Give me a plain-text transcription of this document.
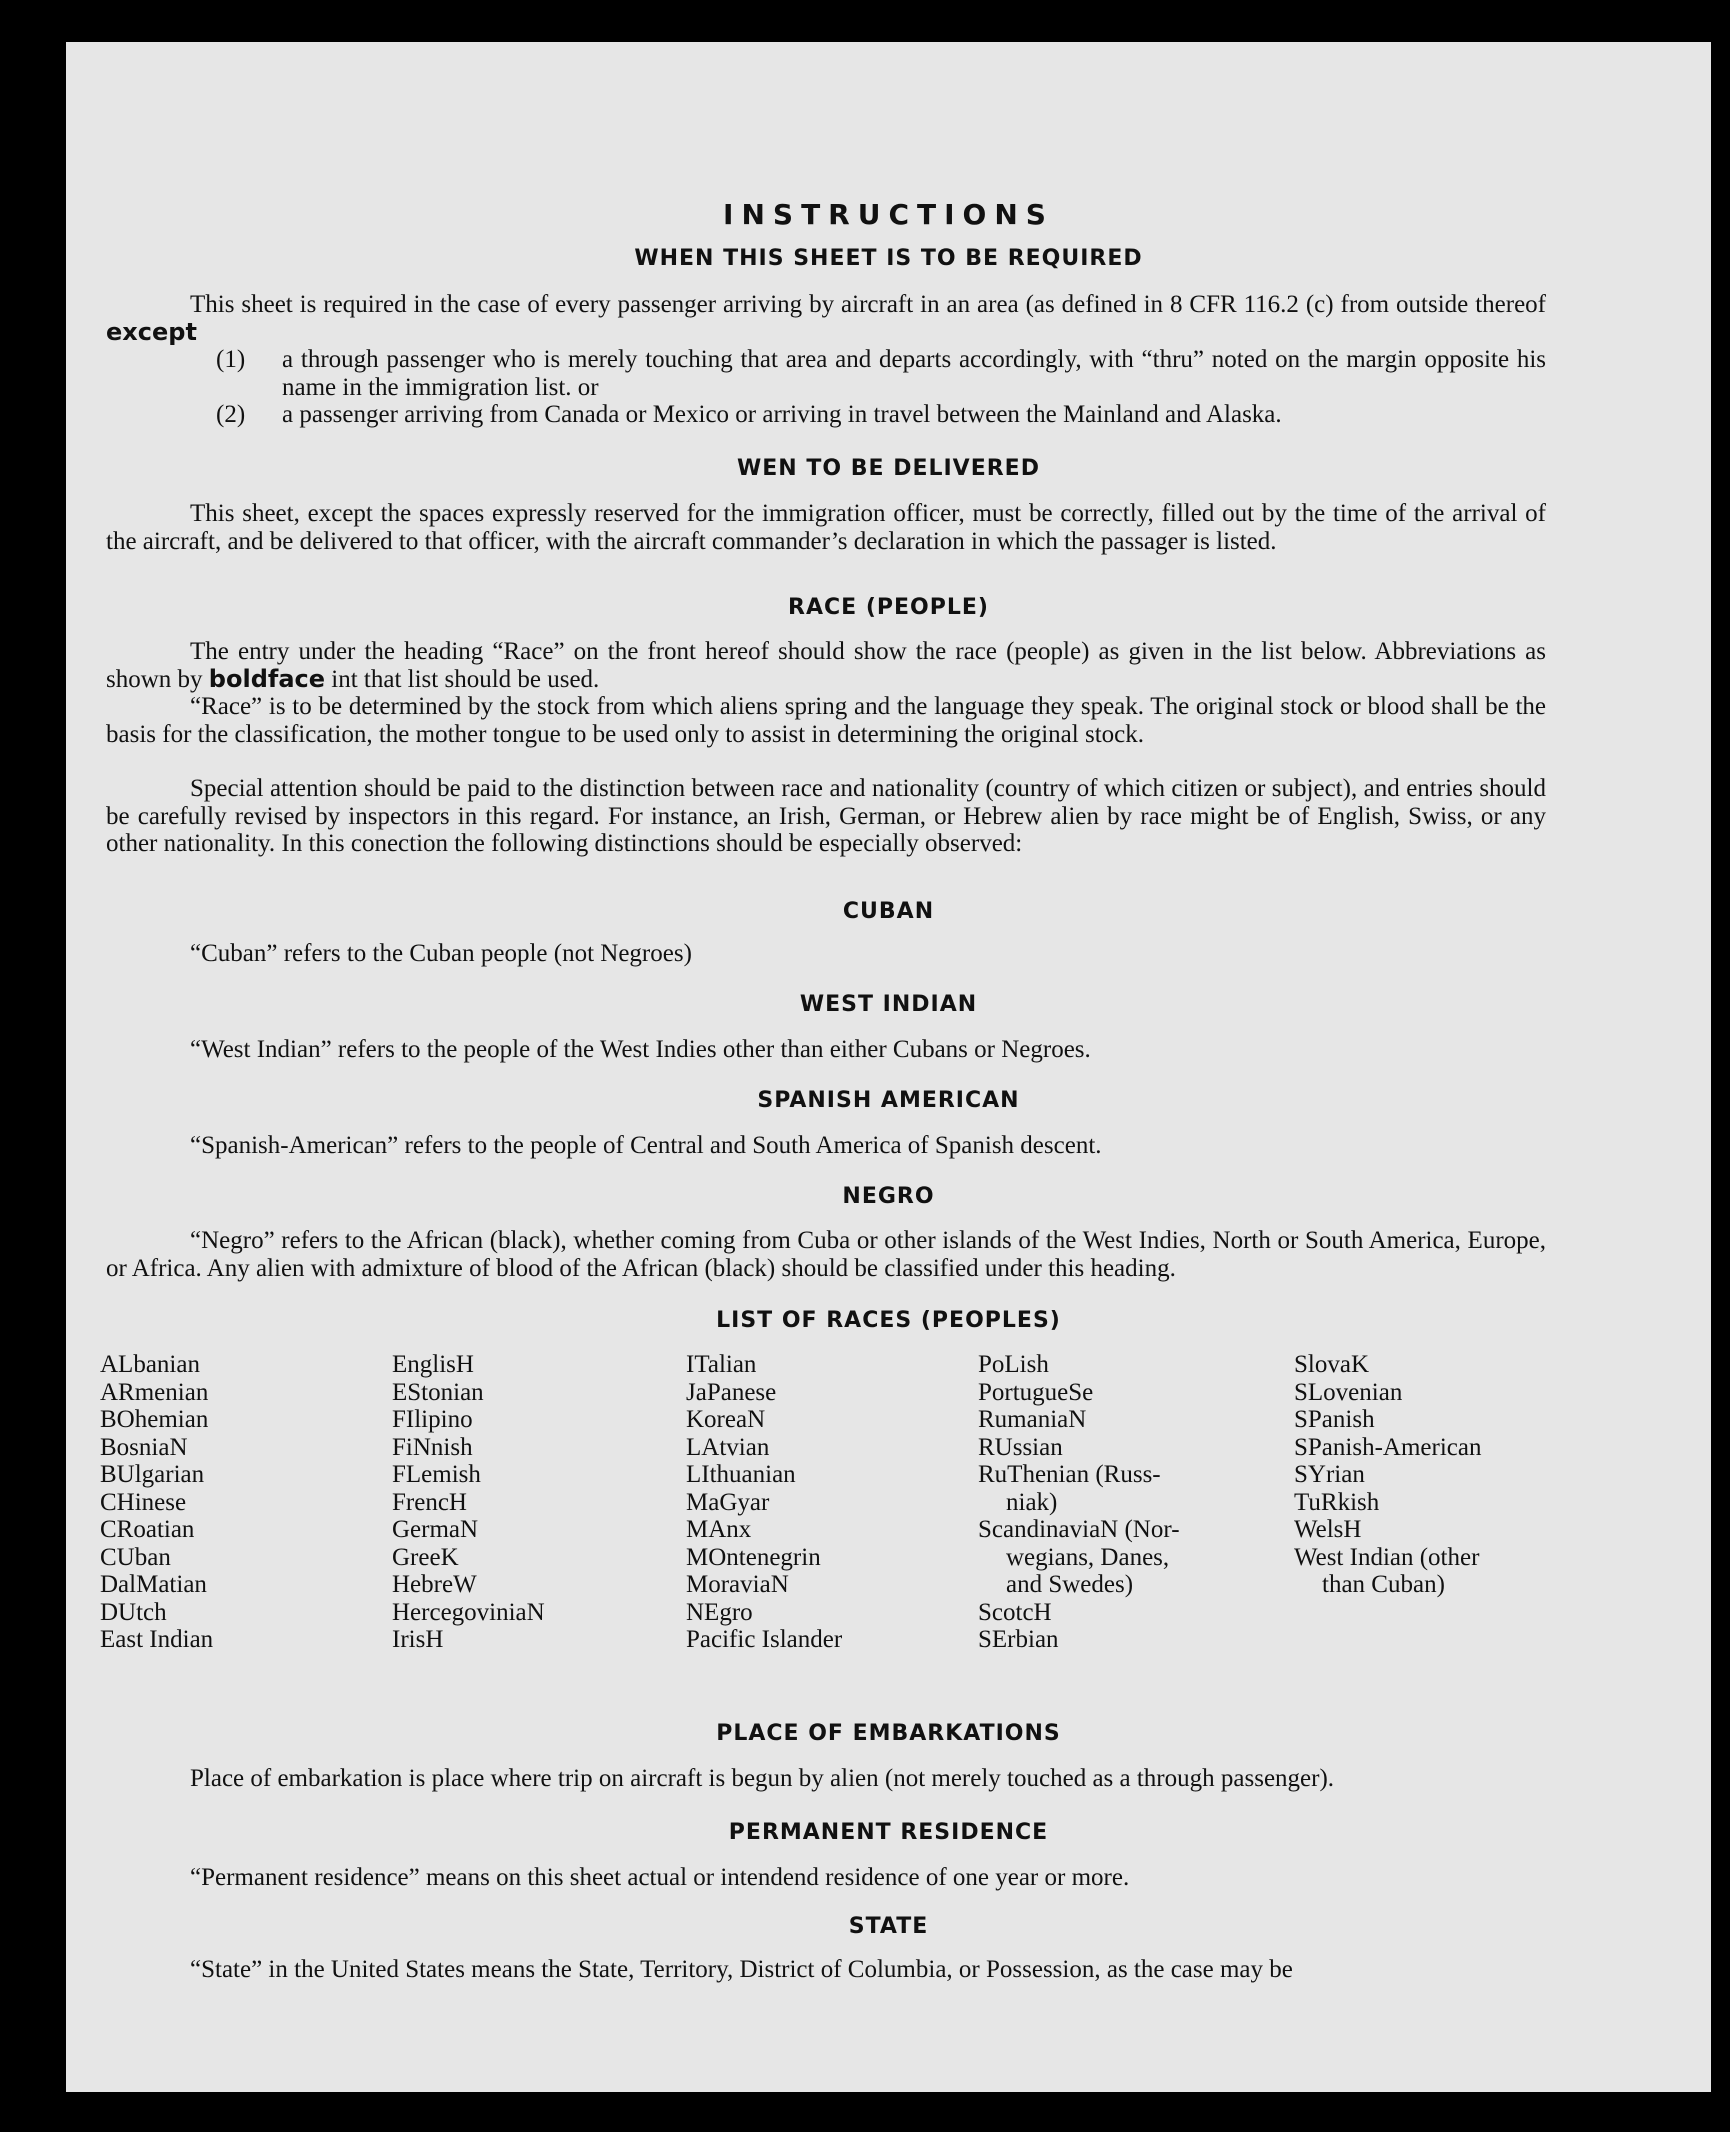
INSTRUCTIONS
WHEN THIS SHEET IS TO BE REQUIRED

This sheet is required in the case of every passenger arriving by aircraft in an area (as defined in 8 CFR 116.2 (c) from outside thereof except

(1) a through passenger who is merely touching that area and departs accordingly, with “thru” noted on the margin opposite his name in the immigration list. or

(2) a passenger arriving from Canada or Mexico or arriving in travel between the Mainland and Alaska.

WEN TO BE DELIVERED

This sheet, except the spaces expressly reserved for the immigration officer, must be correctly, filled out by the time of the arrival of the aircraft, and be delivered to that officer, with the aircraft commander’s declaration in which the passager is listed.

RACE (PEOPLE)

The entry under the heading “Race” on the front hereof should show the race (people) as given in the list below. Abbreviations as shown by boldface int that list should be used.

“Race” is to be determined by the stock from which aliens spring and the language they speak. The original stock or blood shall be the basis for the classification, the mother tongue to be used only to assist in determining the original stock.

Special attention should be paid to the distinction between race and nationality (country of which citizen or subject), and entries should be carefully revised by inspectors in this regard. For instance, an Irish, German, or Hebrew alien by race might be of English, Swiss, or any other nationality. In this conection the following distinctions should be especially observed:

CUBAN

“Cuban” refers to the Cuban people (not Negroes)

WEST INDIAN

“West Indian” refers to the people of the West Indies other than either Cubans or Negroes.

SPANISH AMERICAN

“Spanish-American” refers to the people of Central and South America of Spanish descent.

NEGRO

“Negro” refers to the African (black), whether coming from Cuba or other islands of the West Indies, North or South America, Europe, or Africa. Any alien with admixture of blood of the African (black) should be classified under this heading.

LIST OF RACES (PEOPLES)
ALbanian
ARmenian
BOhemian
BosniaN
BUlgarian
CHinese
CRoatian
CUban
DalMatian
DUtch
East Indian
EnglisH
EStonian
FIlipino
FiNnish
FLemish
FrencH
GermaN
GreeK
HebreW
HercegoviniaN
IrisH
ITalian
JaPanese
KoreaN
LAtvian
LIthuanian
MaGyar
MAnx
MOntenegrin
MoraviaN
NEgro
Pacific Islander
PoLish
PortugueSe
RumaniaN
RUssian
RuThenian (Russ-
niak)
ScandinaviaN (Nor-
wegians, Danes,
and Swedes)
ScotcH
SErbian
SlovaK
SLovenian
SPanish
SPanish-American
SYrian
TuRkish
WelsH
West Indian (other
than Cuban)
PLACE OF EMBARKATIONS

Place of embarkation is place where trip on aircraft is begun by alien (not merely touched as a through passenger).

PERMANENT RESIDENCE

“Permanent residence” means on this sheet actual or intendend residence of one year or more.

STATE

“State” in the United States means the State, Territory, District of Columbia, or Possession, as the case may be
